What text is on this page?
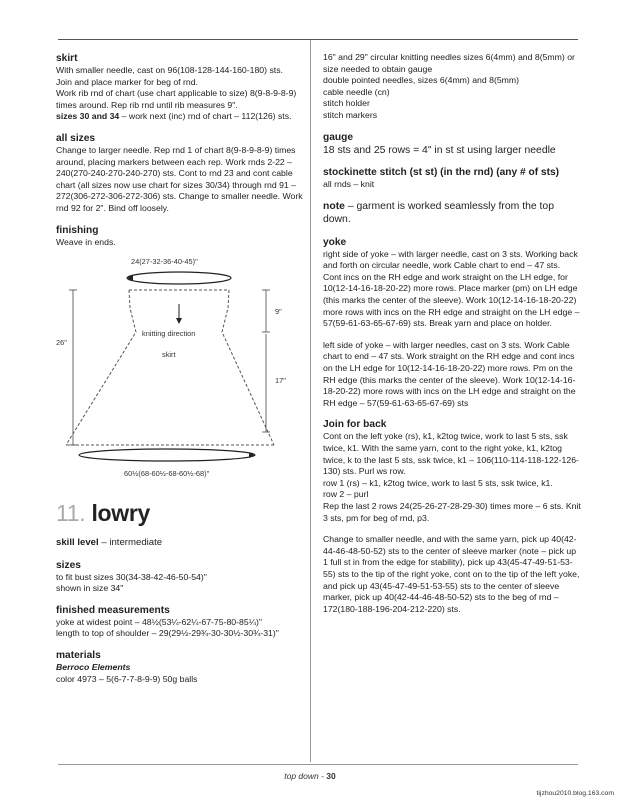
skirt

With smaller needle, cast on 96(108-128-144-160-180) sts.

Join and place marker for beg of rnd.

Work rib rnd of chart (use chart applicable to size) 8(9-8-9-8-9) times around. Rep rib rnd until rib measures 9".

sizes 30 and 34 – work next (inc) rnd of chart – 112(126) sts.

all sizes

Change to larger needle. Rep rnd 1 of chart 8(9-8-9-8-9) times around, placing markers between each rep. Work rnds 2-22 – 240(270-240-270-240-270) sts. Cont to rnd 23 and cont cable chart (all sizes now use chart for sizes 30/34) through rnd 91 – 272(306-272-306-272-306) sts. Change to smaller needle. Work rnd 92 for 2". Bind off loosely.

finishing

Weave in ends.

24(27-32-36-40-45)"
9"
knitting direction
26"
skirt
17"
60½(68-60½-68-60½-68)"
11. lowry
skill level – intermediate
sizes

to fit bust sizes 30(34-38-42-46-50-54)"

shown in size 34"

finished measurements

yoke at widest point – 48½(53¼-62¼-67-75-80-85¼)"

length to top of shoulder – 29(29½-29¾-30-30½-30¾-31)"

materials

Berroco Elements

color 4973 – 5(6-7-7-8-9-9) 50g balls

16" and 29" circular knitting needles sizes 6(4mm) and 8(5mm) or size needed to obtain gauge

double pointed needles, sizes 6(4mm) and 8(5mm)

cable needle (cn)

stitch holder

stitch markers

gauge

18 sts and 25 rows = 4" in st st using larger needle

stockinette stitch (st st) (in the rnd) (any # of sts)

all rnds – knit

note – garment is worked seamlessly from the top down.
yoke

right side of yoke – with larger needle, cast on 3 sts. Working back and forth on circular needle, work Cable chart to end – 47 sts.

Cont incs on the RH edge and work straight on the LH edge, for 10(12-14-16-18-20-22) more rows. Place marker (pm) on LH edge (this marks the center of the sleeve). Work 10(12-14-16-18-20-22) more rows with incs on the RH edge and straight on the LH edge – 57(59-61-63-65-67-69) sts. Break yarn and place on holder.

left side of yoke – with larger needles, cast on 3 sts. Work Cable chart to end – 47 sts. Work straight on the RH edge and cont incs on the LH edge for 10(12-14-16-18-20-22) more rows. Pm on the RH edge (this marks the center of the sleeve). Work 10(12-14-16-18-20-22) more rows with incs on the LH edge and straight on the RH edge – 57(59-61-63-65-67-69) sts

Join for back

Cont on the left yoke (rs), k1, k2tog twice, work to last 5 sts, ssk twice, k1. With the same yarn, cont to the right yoke, k1, k2tog twice, k to the last 5 sts, ssk twice, k1 – 106(110-114-118-122-126-130) sts. Purl ws row.

row 1 (rs) – k1, k2tog twice, work to last 5 sts, ssk twice, k1.

row 2 – purl

Rep the last 2 rows 24(25-26-27-28-29-30) times more – 6 sts. Knit 3 sts, pm for beg of rnd, p3.

Change to smaller needle, and with the same yarn, pick up 40(42-44-46-48-50-52) sts to the center of sleeve marker (note – pick up 1 full st in from the edge for stability), pick up 43(45-47-49-51-53-55) sts to the tip of the right yoke, cont on to the tip of the left yoke, and pick up 43(45-47-49-51-53-55) sts to the center of sleeve marker, pick up 40(42-44-46-48-50-52) sts to the beg of rnd – 172(180-188-196-204-212-220) sts.

top down - 30
tijzhou2010.blog.163.com
